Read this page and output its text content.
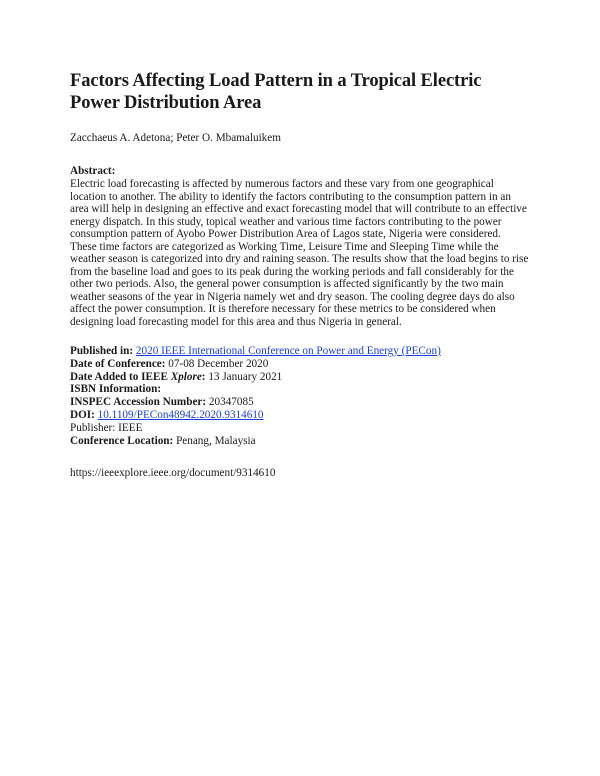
Factors Affecting Load Pattern in a Tropical Electric Power Distribution Area

Zacchaeus A. Adetona; Peter O. Mbamaluikem

Abstract:

Electric load forecasting is affected by numerous factors and these vary from one geographical location to another. The ability to identify the factors contributing to the consumption pattern in an area will help in designing an effective and exact forecasting model that will contribute to an effective energy dispatch. In this study, topical weather and various time factors contributing to the power consumption pattern of Ayobo Power Distribution Area of Lagos state, Nigeria were considered. These time factors are categorized as Working Time, Leisure Time and Sleeping Time while the weather season is categorized into dry and raining season. The results show that the load begins to rise from the baseline load and goes to its peak during the working periods and fall considerably for the other two periods. Also, the general power consumption is affected significantly by the two main weather seasons of the year in Nigeria namely wet and dry season. The cooling degree days do also affect the power consumption. It is therefore necessary for these metrics to be considered when designing load forecasting model for this area and thus Nigeria in general.

Published in: 2020 IEEE International Conference on Power and Energy (PECon)

Date of Conference: 07-08 December 2020

Date Added to IEEE Xplore: 13 January 2021

ISBN Information:

INSPEC Accession Number: 20347085

DOI: 10.1109/PECon48942.2020.9314610

Publisher: IEEE

Conference Location: Penang, Malaysia

https://ieeexplore.ieee.org/document/9314610
